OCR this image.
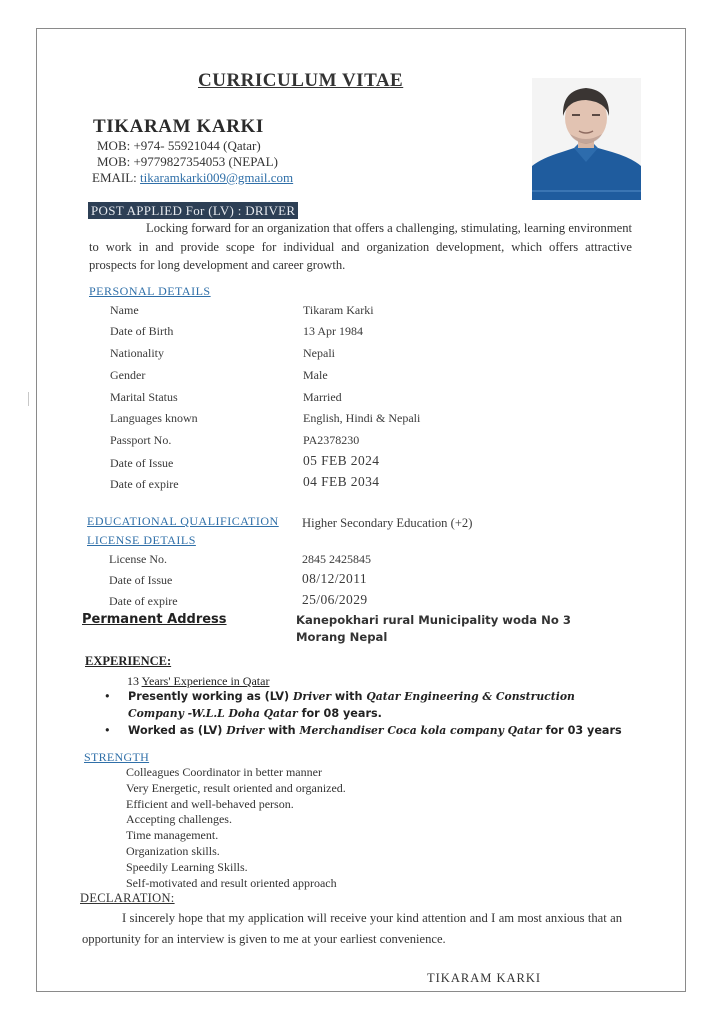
CURRICULUM VITAE
TIKARAM KARKI
MOB: +974- 55921044 (Qatar)
MOB: +9779827354053 (NEPAL)
EMAIL: tikaramkarki009@gmail.com
POST APPLIED For (LV) : DRIVER
Locking forward for an organization that offers a challenging, stimulating, learning environment to work in and provide scope for individual and organization development, which offers attractive prospects for long development and career growth.
PERSONAL DETAILS
Name	Tikaram Karki
Date of Birth	13 Apr 1984
Nationality	Nepali
Gender	Male
Marital Status	Married
Languages known	English, Hindi & Nepali
Passport No.	PA2378230
Date of Issue	05 FEB 2024
Date of expire	04 FEB 2034
EDUCATIONAL QUALIFICATION Higher Secondary Education (+2)
LICENSE DETAILS
License No.	2845 2425845
Date of Issue	08/12/2011
Date of expire	25/06/2029
Permanent Address	Kanepokhari rural Municipality woda No 3
Morang Nepal
EXPERIENCE:
13 Years' Experience in Qatar
• Presently working as (LV) Driver with Qatar Engineering & Construction Company -W.L.L Doha Qatar for 08 years.
• Worked as (LV) Driver with Merchandiser Coca kola company Qatar for 03 years
STRENGTH
Colleagues Coordinator in better manner
Very Energetic, result oriented and organized.
Efficient and well-behaved person.
Accepting challenges.
Time management.
Organization skills.
Speedily Learning Skills.
Self-motivated and result oriented approach
DECLARATION:
I sincerely hope that my application will receive your kind attention and I am most anxious that an opportunity for an interview is given to me at your earliest convenience.
TIKARAM KARKI
